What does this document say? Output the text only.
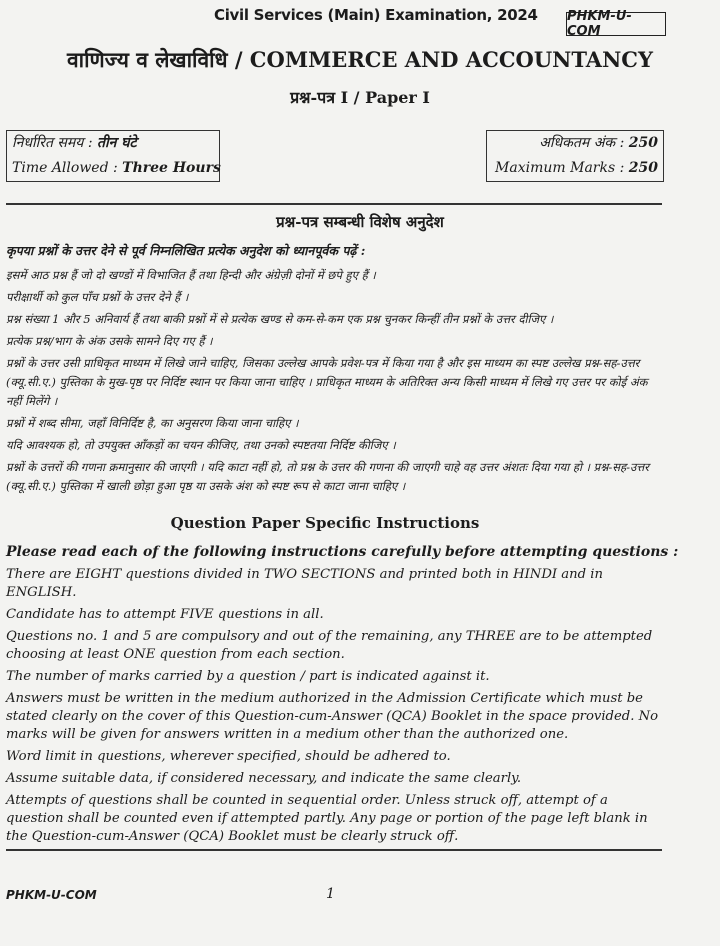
Civil Services (Main) Examination, 2024 PHKM-U-COM
वाणिज्य व लेखाविधि / COMMERCE AND ACCOUNTANCY
प्रश्न-पत्र I / Paper I
निर्धारित समय : तीन घंटे
Time Allowed : Three Hours
अधिकतम अंक : 250
Maximum Marks : 250
प्रश्न-पत्र सम्बन्धी विशेष अनुदेश
कृपया प्रश्नों के उत्तर देने से पूर्व निम्नलिखित प्रत्येक अनुदेश को ध्यानपूर्वक पढ़ें :

इसमें आठ प्रश्न हैं जो दो खण्डों में विभाजित हैं तथा हिन्दी और अंग्रेज़ी दोनों में छपे हुए हैं ।

परीक्षार्थी को कुल पाँच प्रश्नों के उत्तर देने हैं ।

प्रश्न संख्या 1 और 5 अनिवार्य हैं तथा बाकी प्रश्नों में से प्रत्येक खण्ड से कम-से-कम एक प्रश्न चुनकर किन्हीं तीन प्रश्नों के उत्तर दीजिए ।

प्रत्येक प्रश्न/भाग के अंक उसके सामने दिए गए हैं ।

प्रश्नों के उत्तर उसी प्राधिकृत माध्यम में लिखे जाने चाहिए, जिसका उल्लेख आपके प्रवेश-पत्र में किया गया है और इस माध्यम का स्पष्ट उल्लेख प्रश्न-सह-उत्तर (क्यू.सी.ए.) पुस्तिका के मुख-पृष्ठ पर निर्दिष्ट स्थान पर किया जाना चाहिए । प्राधिकृत माध्यम के अतिरिक्त अन्य किसी माध्यम में लिखे गए उत्तर पर कोई अंक नहीं मिलेंगे ।

प्रश्नों में शब्द सीमा, जहाँ विनिर्दिष्ट है, का अनुसरण किया जाना चाहिए ।

यदि आवश्यक हो, तो उपयुक्त आँकड़ों का चयन कीजिए, तथा उनको स्पष्टतया निर्दिष्ट कीजिए ।

प्रश्नों के उत्तरों की गणना क्रमानुसार की जाएगी । यदि काटा नहीं हो, तो प्रश्न के उत्तर की गणना की जाएगी चाहे वह उत्तर अंशतः दिया गया हो । प्रश्न-सह-उत्तर (क्यू.सी.ए.) पुस्तिका में खाली छोड़ा हुआ पृष्ठ या उसके अंश को स्पष्ट रूप से काटा जाना चाहिए ।

Question Paper Specific Instructions
Please read each of the following instructions carefully before attempting questions :

There are EIGHT questions divided in TWO SECTIONS and printed both in HINDI and in ENGLISH.

Candidate has to attempt FIVE questions in all.

Questions no. 1 and 5 are compulsory and out of the remaining, any THREE are to be attempted choosing at least ONE question from each section.

The number of marks carried by a question / part is indicated against it.

Answers must be written in the medium authorized in the Admission Certificate which must be stated clearly on the cover of this Question-cum-Answer (QCA) Booklet in the space provided. No marks will be given for answers written in a medium other than the authorized one.

Word limit in questions, wherever specified, should be adhered to.

Assume suitable data, if considered necessary, and indicate the same clearly.

Attempts of questions shall be counted in sequential order. Unless struck off, attempt of a question shall be counted even if attempted partly. Any page or portion of the page left blank in the Question-cum-Answer (QCA) Booklet must be clearly struck off.

PHKM-U-COM	1
